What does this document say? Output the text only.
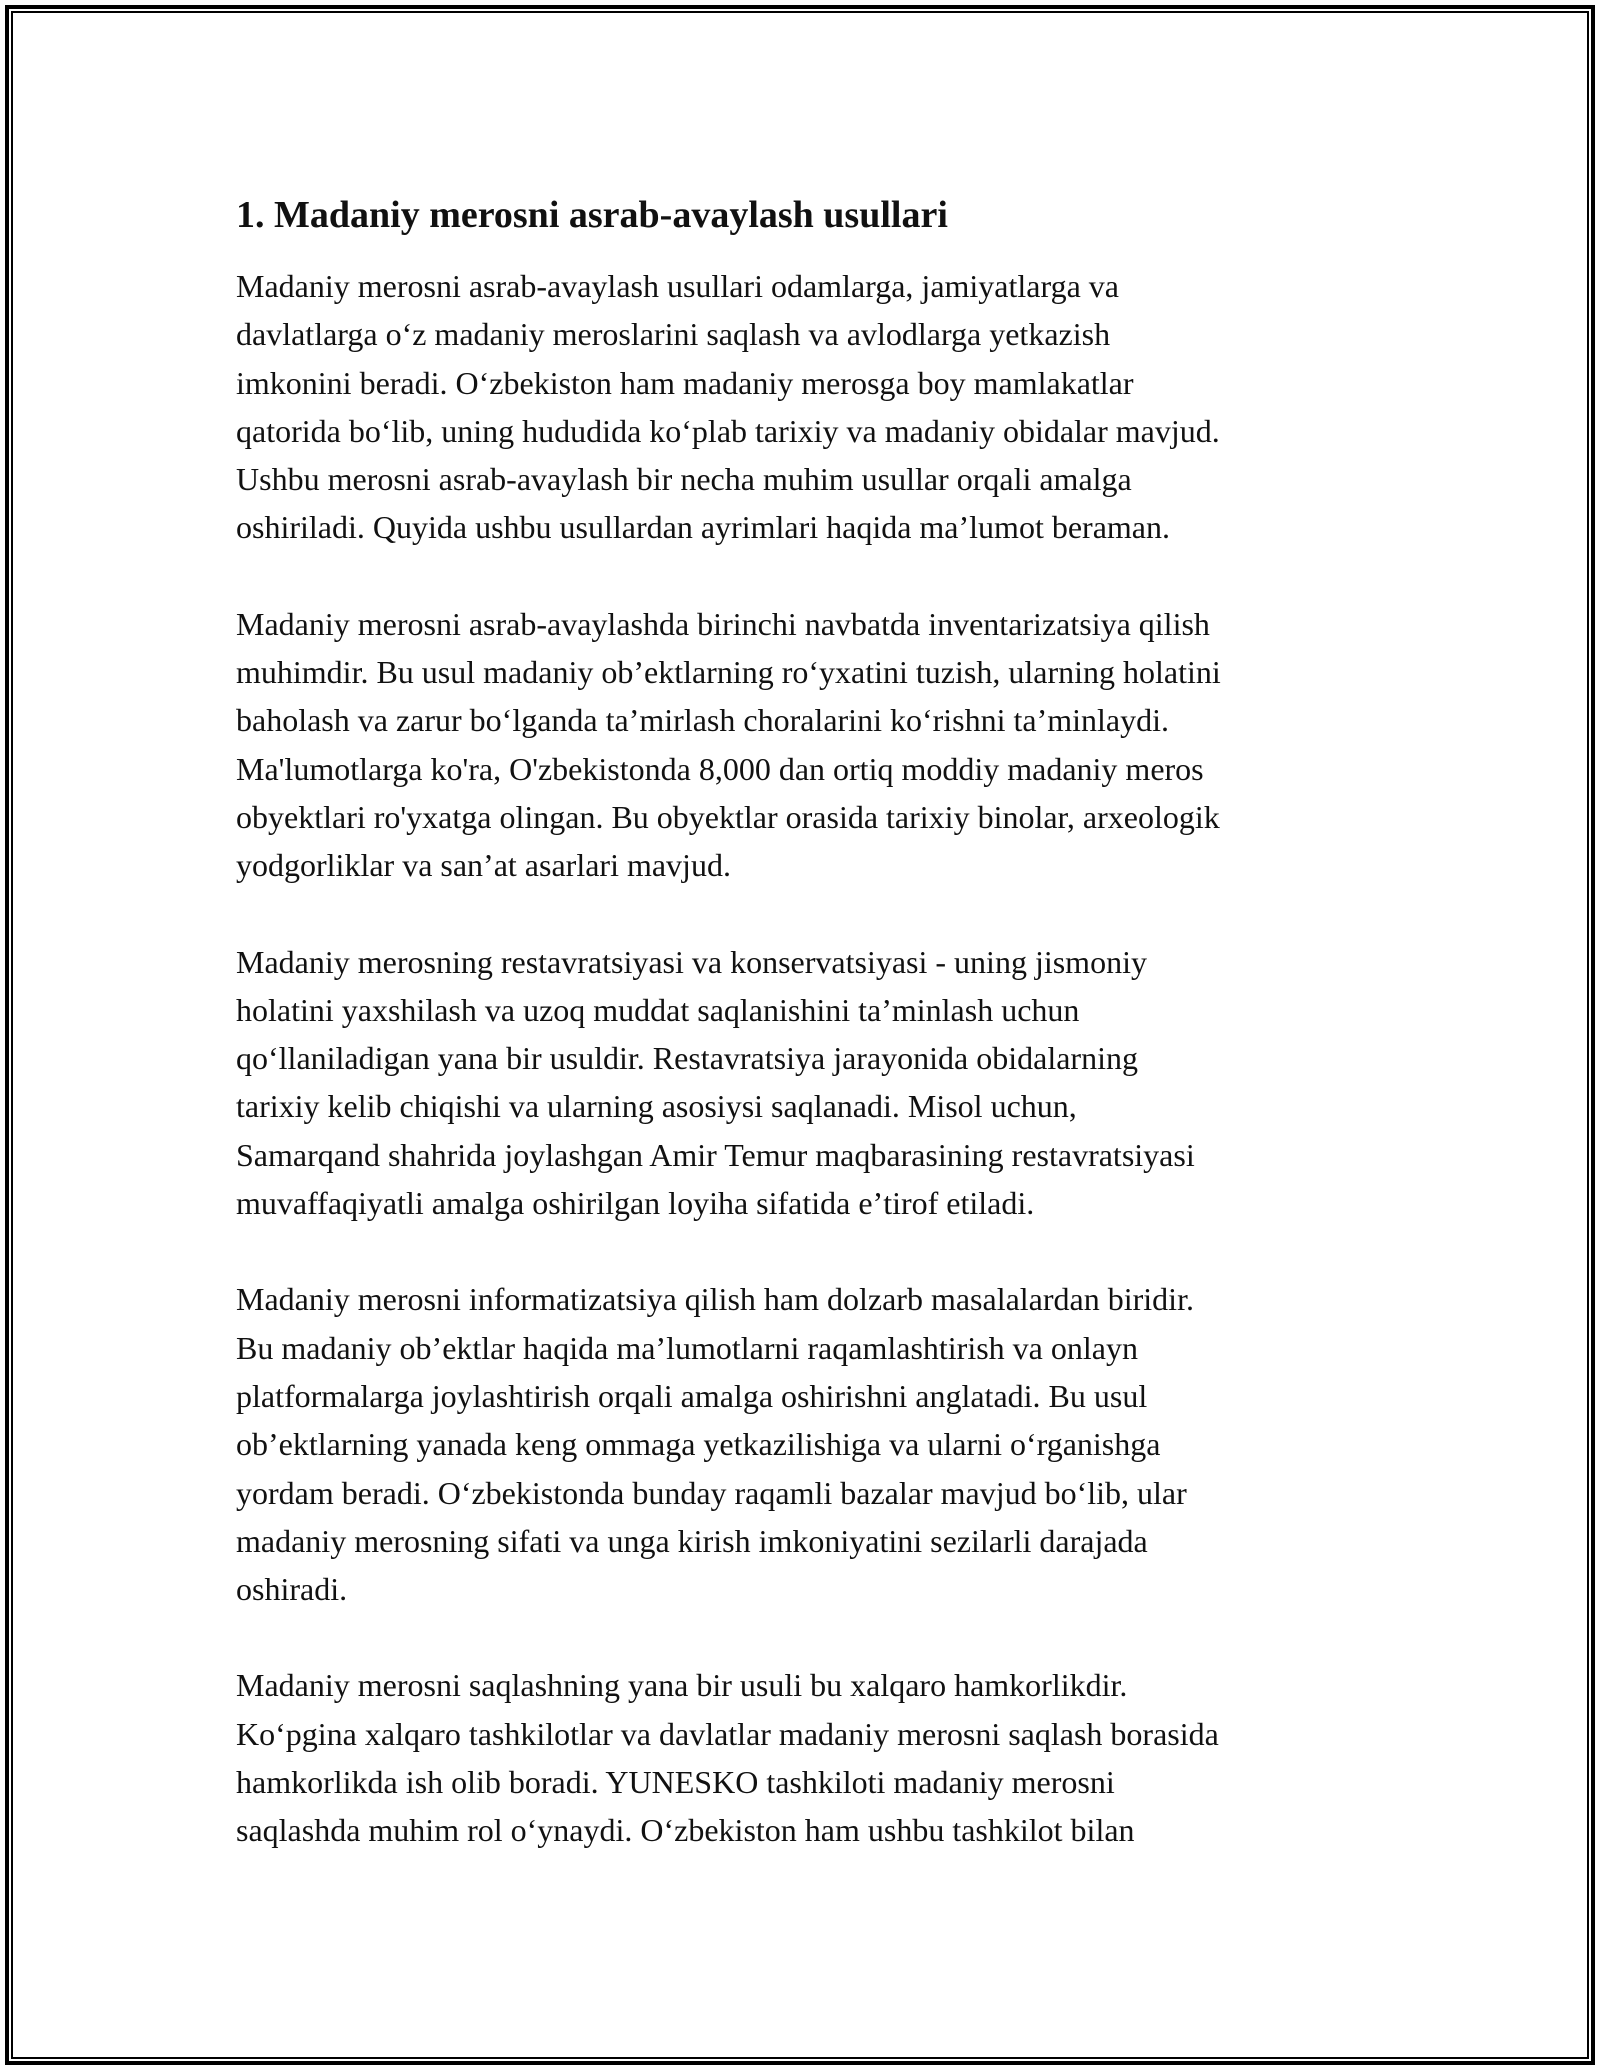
1. Madaniy merosni asrab-avaylash usullari

Madaniy merosni asrab-avaylash usullari odamlarga, jamiyatlarga va
davlatlarga oʻz madaniy meroslarini saqlash va avlodlarga yetkazish
imkonini beradi. Oʻzbekiston ham madaniy merosga boy mamlakatlar
qatorida boʻlib, uning hududida koʻplab tarixiy va madaniy obidalar mavjud.
Ushbu merosni asrab-avaylash bir necha muhim usullar orqali amalga
oshiriladi. Quyida ushbu usullardan ayrimlari haqida maʼlumot beraman.

Madaniy merosni asrab-avaylashda birinchi navbatda inventarizatsiya qilish
muhimdir. Bu usul madaniy obʼektlarning roʻyxatini tuzish, ularning holatini
baholash va zarur boʻlganda taʼmirlash choralarini koʻrishni taʼminlaydi.
Ma'lumotlarga ko'ra, O'zbekistonda 8,000 dan ortiq moddiy madaniy meros
obyektlari ro'yxatga olingan. Bu obyektlar orasida tarixiy binolar, arxeologik
yodgorliklar va sanʼat asarlari mavjud.

Madaniy merosning restavratsiyasi va konservatsiyasi - uning jismoniy
holatini yaxshilash va uzoq muddat saqlanishini taʼminlash uchun
qoʻllaniladigan yana bir usuldir. Restavratsiya jarayonida obidalarning
tarixiy kelib chiqishi va ularning asosiysi saqlanadi. Misol uchun,
Samarqand shahrida joylashgan Amir Temur maqbarasining restavratsiyasi
muvaffaqiyatli amalga oshirilgan loyiha sifatida eʼtirof etiladi.

Madaniy merosni informatizatsiya qilish ham dolzarb masalalardan biridir.
Bu madaniy obʼektlar haqida maʼlumotlarni raqamlashtirish va onlayn
platformalarga joylashtirish orqali amalga oshirishni anglatadi. Bu usul
obʼektlarning yanada keng ommaga yetkazilishiga va ularni oʻrganishga
yordam beradi. Oʻzbekistonda bunday raqamli bazalar mavjud boʻlib, ular
madaniy merosning sifati va unga kirish imkoniyatini sezilarli darajada
oshiradi.

Madaniy merosni saqlashning yana bir usuli bu xalqaro hamkorlikdir.
Koʻpgina xalqaro tashkilotlar va davlatlar madaniy merosni saqlash borasida
hamkorlikda ish olib boradi. YUNESKO tashkiloti madaniy merosni
saqlashda muhim rol oʻynaydi. Oʻzbekiston ham ushbu tashkilot bilan
